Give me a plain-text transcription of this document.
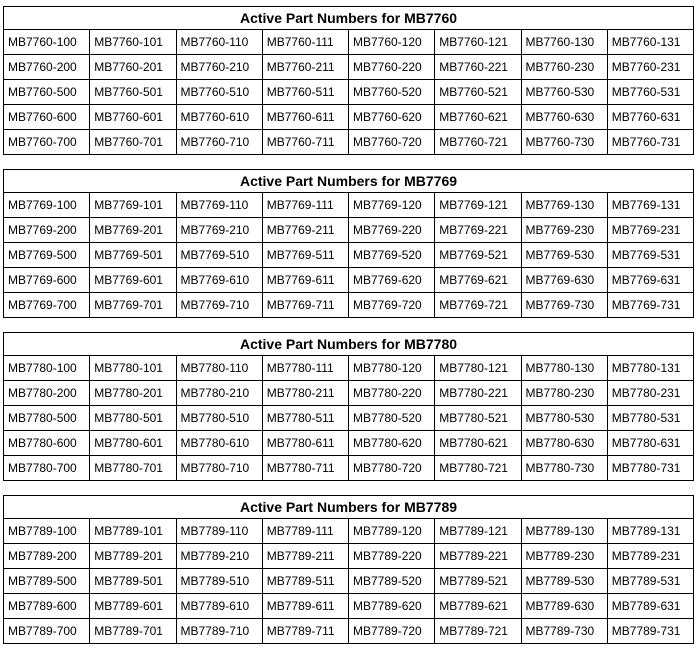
Active Part Numbers for MB7760							
MB7760-100	MB7760-101	MB7760-110	MB7760-111	MB7760-120	MB7760-121	MB7760-130	MB7760-131
MB7760-200	MB7760-201	MB7760-210	MB7760-211	MB7760-220	MB7760-221	MB7760-230	MB7760-231
MB7760-500	MB7760-501	MB7760-510	MB7760-511	MB7760-520	MB7760-521	MB7760-530	MB7760-531
MB7760-600	MB7760-601	MB7760-610	MB7760-611	MB7760-620	MB7760-621	MB7760-630	MB7760-631
MB7760-700	MB7760-701	MB7760-710	MB7760-711	MB7760-720	MB7760-721	MB7760-730	MB7760-731
Active Part Numbers for MB7769							
MB7769-100	MB7769-101	MB7769-110	MB7769-111	MB7769-120	MB7769-121	MB7769-130	MB7769-131
MB7769-200	MB7769-201	MB7769-210	MB7769-211	MB7769-220	MB7769-221	MB7769-230	MB7769-231
MB7769-500	MB7769-501	MB7769-510	MB7769-511	MB7769-520	MB7769-521	MB7769-530	MB7769-531
MB7769-600	MB7769-601	MB7769-610	MB7769-611	MB7769-620	MB7769-621	MB7769-630	MB7769-631
MB7769-700	MB7769-701	MB7769-710	MB7769-711	MB7769-720	MB7769-721	MB7769-730	MB7769-731
Active Part Numbers for MB7780							
MB7780-100	MB7780-101	MB7780-110	MB7780-111	MB7780-120	MB7780-121	MB7780-130	MB7780-131
MB7780-200	MB7780-201	MB7780-210	MB7780-211	MB7780-220	MB7780-221	MB7780-230	MB7780-231
MB7780-500	MB7780-501	MB7780-510	MB7780-511	MB7780-520	MB7780-521	MB7780-530	MB7780-531
MB7780-600	MB7780-601	MB7780-610	MB7780-611	MB7780-620	MB7780-621	MB7780-630	MB7780-631
MB7780-700	MB7780-701	MB7780-710	MB7780-711	MB7780-720	MB7780-721	MB7780-730	MB7780-731
Active Part Numbers for MB7789							
MB7789-100	MB7789-101	MB7789-110	MB7789-111	MB7789-120	MB7789-121	MB7789-130	MB7789-131
MB7789-200	MB7789-201	MB7789-210	MB7789-211	MB7789-220	MB7789-221	MB7789-230	MB7789-231
MB7789-500	MB7789-501	MB7789-510	MB7789-511	MB7789-520	MB7789-521	MB7789-530	MB7789-531
MB7789-600	MB7789-601	MB7789-610	MB7789-611	MB7789-620	MB7789-621	MB7789-630	MB7789-631
MB7789-700	MB7789-701	MB7789-710	MB7789-711	MB7789-720	MB7789-721	MB7789-730	MB7789-731
